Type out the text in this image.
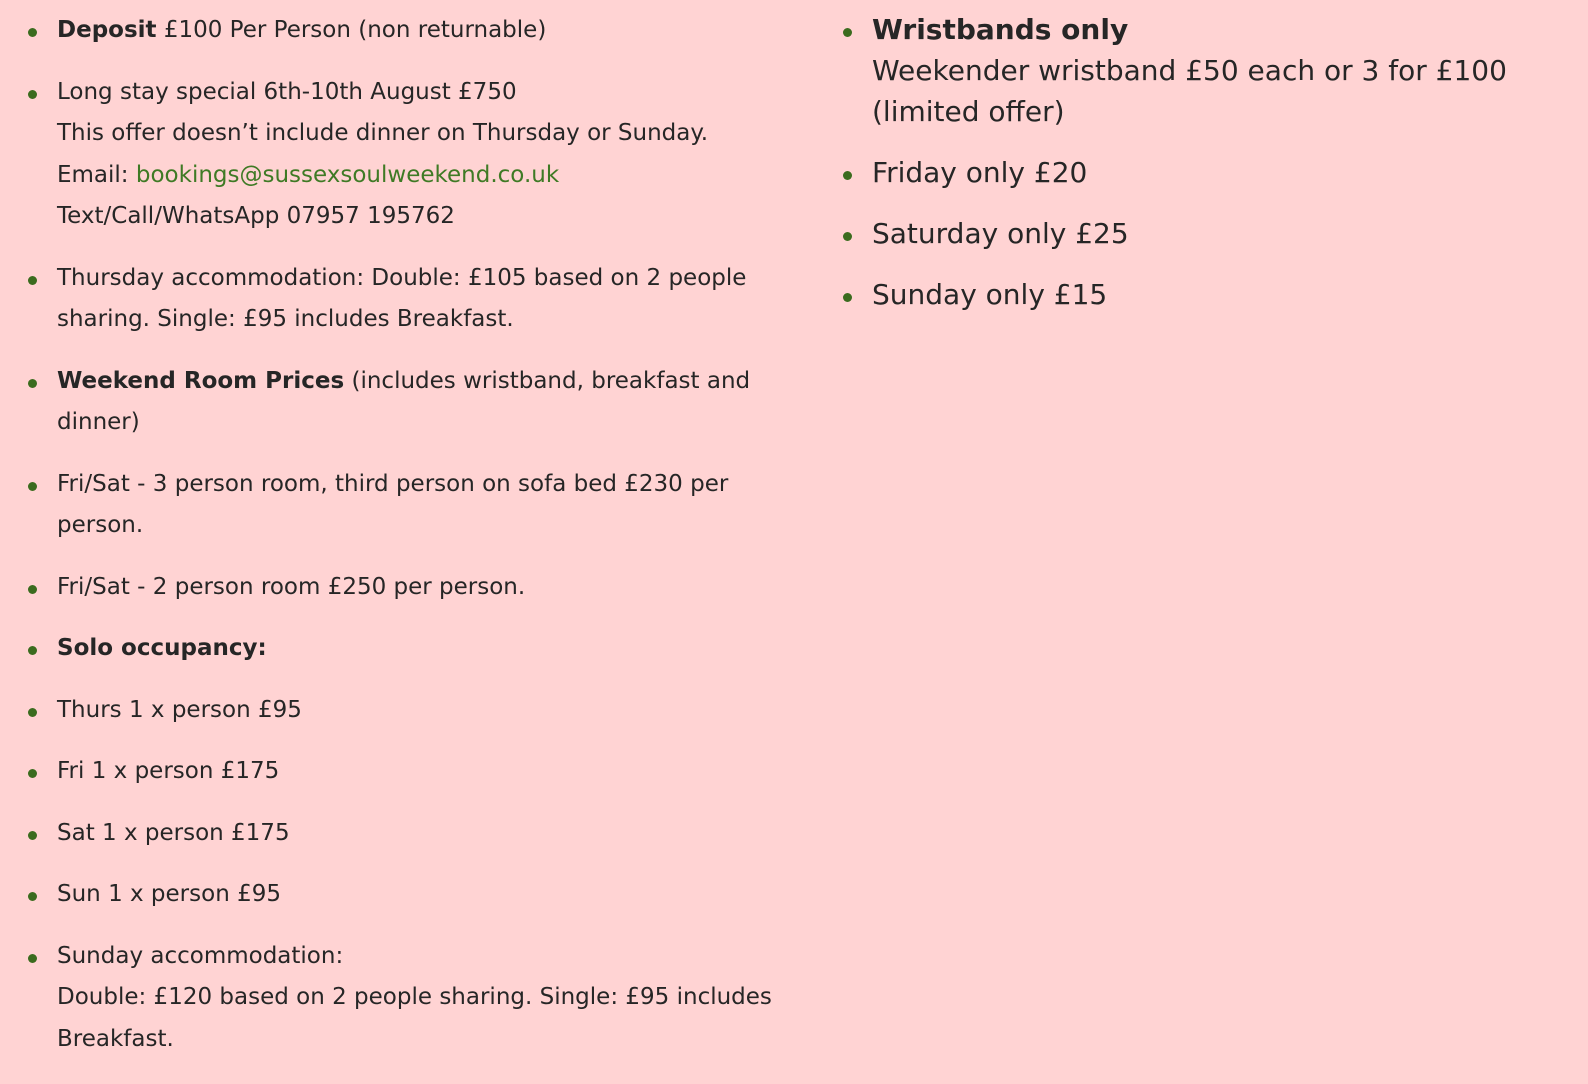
Deposit £100 Per Person (non returnable)
Long stay special 6th-10th August £750
This offer doesn’t include dinner on Thursday or Sunday.
Email: bookings@sussexsoulweekend.co.uk
Text/Call/WhatsApp 07957 195762
Thursday accommodation: Double: £105 based on 2 people sharing. Single: £95 includes Breakfast.
Weekend Room Prices (includes wristband, breakfast and dinner)
Fri/Sat - 3 person room, third person on sofa bed £230 per person.
Fri/Sat - 2 person room £250 per person.
Solo occupancy:
Thurs 1 x person £95
Fri 1 x person £175
Sat 1 x person £175
Sun 1 x person £95
Sunday accommodation:
Double: £120 based on 2 people sharing. Single: £95 includes Breakfast.
Wristbands only
Weekender wristband £50 each or 3 for £100 (limited offer)
Friday only £20
Saturday only £25
Sunday only £15
